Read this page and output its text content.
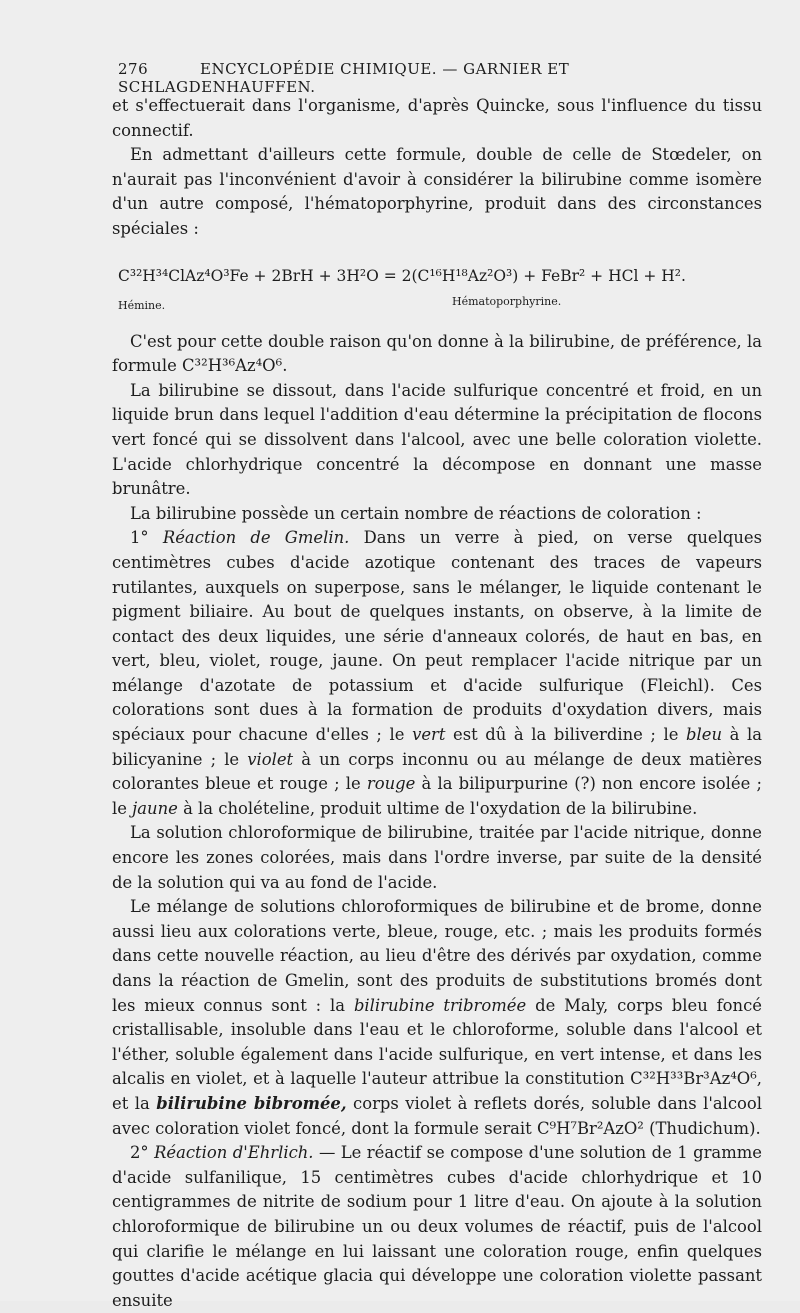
276	ENCYCLOPÉDIE CHIMIQUE. — GARNIER ET SCHLAGDENHAUFFEN.

et s'effectuerait dans l'organisme, d'après Quincke, sous l'influence du tissu connectif.

En admettant d'ailleurs cette formule, double de celle de Stœdeler, on n'aurait pas l'inconvénient d'avoir à considérer la bilirubine comme isomère d'un autre composé, l'hématoporphyrine, produit dans des circonstances spéciales :

C³²H³⁴ClAz⁴O³Fe + 2BrH + 3H²O = 2(C¹⁶H¹⁸Az²O³) + FeBr² + HCl + H².
Hémine.	Hématoporphyrine.

C'est pour cette double raison qu'on donne à la bilirubine, de préférence, la formule C³²H³⁶Az⁴O⁶.

La bilirubine se dissout, dans l'acide sulfurique concentré et froid, en un liquide brun dans lequel l'addition d'eau détermine la précipitation de flocons vert foncé qui se dissolvent dans l'alcool, avec une belle coloration violette. L'acide chlorhydrique concentré la décompose en donnant une masse brunâtre.

La bilirubine possède un certain nombre de réactions de coloration :

1° Réaction de Gmelin. Dans un verre à pied, on verse quelques centimètres cubes d'acide azotique contenant des traces de vapeurs rutilantes, auxquels on superpose, sans le mélanger, le liquide contenant le pigment biliaire. Au bout de quelques instants, on observe, à la limite de contact des deux liquides, une série d'anneaux colorés, de haut en bas, en vert, bleu, violet, rouge, jaune. On peut remplacer l'acide nitrique par un mélange d'azotate de potassium et d'acide sulfurique (Fleichl). Ces colorations sont dues à la formation de produits d'oxydation divers, mais spéciaux pour chacune d'elles ; le vert est dû à la biliverdine ; le bleu à la bilicyanine ; le violet à un corps inconnu ou au mélange de deux matières colorantes bleue et rouge ; le rouge à la bilipurpurine (?) non encore isolée ; le jaune à la cholételine, produit ultime de l'oxydation de la bilirubine.

La solution chloroformique de bilirubine, traitée par l'acide nitrique, donne encore les zones colorées, mais dans l'ordre inverse, par suite de la densité de la solution qui va au fond de l'acide.

Le mélange de solutions chloroformiques de bilirubine et de brome, donne aussi lieu aux colorations verte, bleue, rouge, etc. ; mais les produits formés dans cette nouvelle réaction, au lieu d'être des dérivés par oxydation, comme dans la réaction de Gmelin, sont des produits de substitutions bromés dont les mieux connus sont : la bilirubine tribromée de Maly, corps bleu foncé cristallisable, insoluble dans l'eau et le chloroforme, soluble dans l'alcool et l'éther, soluble également dans l'acide sulfurique, en vert intense, et dans les alcalis en violet, et à laquelle l'auteur attribue la constitution C³²H³³Br³Az⁴O⁶, et la bilirubine bibromée, corps violet à reflets dorés, soluble dans l'alcool avec coloration violet foncé, dont la formule serait C⁹H⁷Br²AzO² (Thudichum).

2° Réaction d'Ehrlich. — Le réactif se compose d'une solution de 1 gramme d'acide sulfanilique, 15 centimètres cubes d'acide chlorhydrique et 10 centigrammes de nitrite de sodium pour 1 litre d'eau. On ajoute à la solution chloroformique de bilirubine un ou deux volumes de réactif, puis de l'alcool qui clarifie le mélange en lui laissant une coloration rouge, enfin quelques gouttes d'acide acétique glacia qui développe une coloration violette passant ensuite
